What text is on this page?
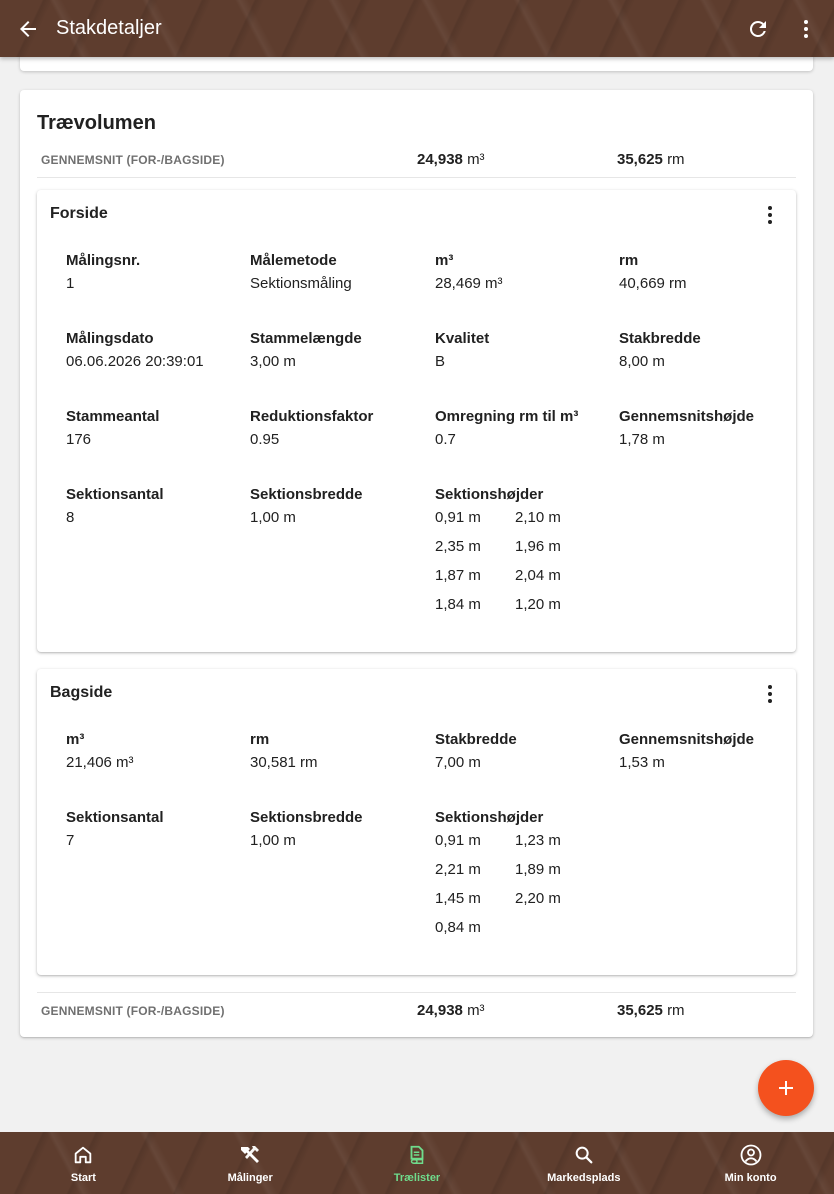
Stakdetaljer
Trævolumen
GENNEMSNIT (FOR-/BAGSIDE)	24,938 m³	35,625 rm
Forside
Målingsnr.
1
Målemetode
Sektionsmåling
m³
28,469 m³
rm
40,669 rm
Målingsdato
06.06.2026 20:39:01
Stammelængde
3,00 m
Kvalitet
B
Stakbredde
8,00 m
Stammeantal
176
Reduktionsfaktor
0.95
Omregning rm til m³
0.7
Gennemsnitshøjde
1,78 m
Sektionsantal
8
Sektionsbredde
1,00 m
Sektionshøjder
0,91 m	2,10 m
2,35 m	1,96 m
1,87 m	2,04 m
1,84 m	1,20 m
Bagside
m³
21,406 m³
rm
30,581 rm
Stakbredde
7,00 m
Gennemsnitshøjde
1,53 m
Sektionsantal
7
Sektionsbredde
1,00 m
Sektionshøjder
0,91 m	1,23 m
2,21 m	1,89 m
1,45 m	2,20 m
0,84 m
GENNEMSNIT (FOR-/BAGSIDE)	24,938 m³	35,625 rm
Start	Målinger	Trælister	Markedsplads	Min konto
